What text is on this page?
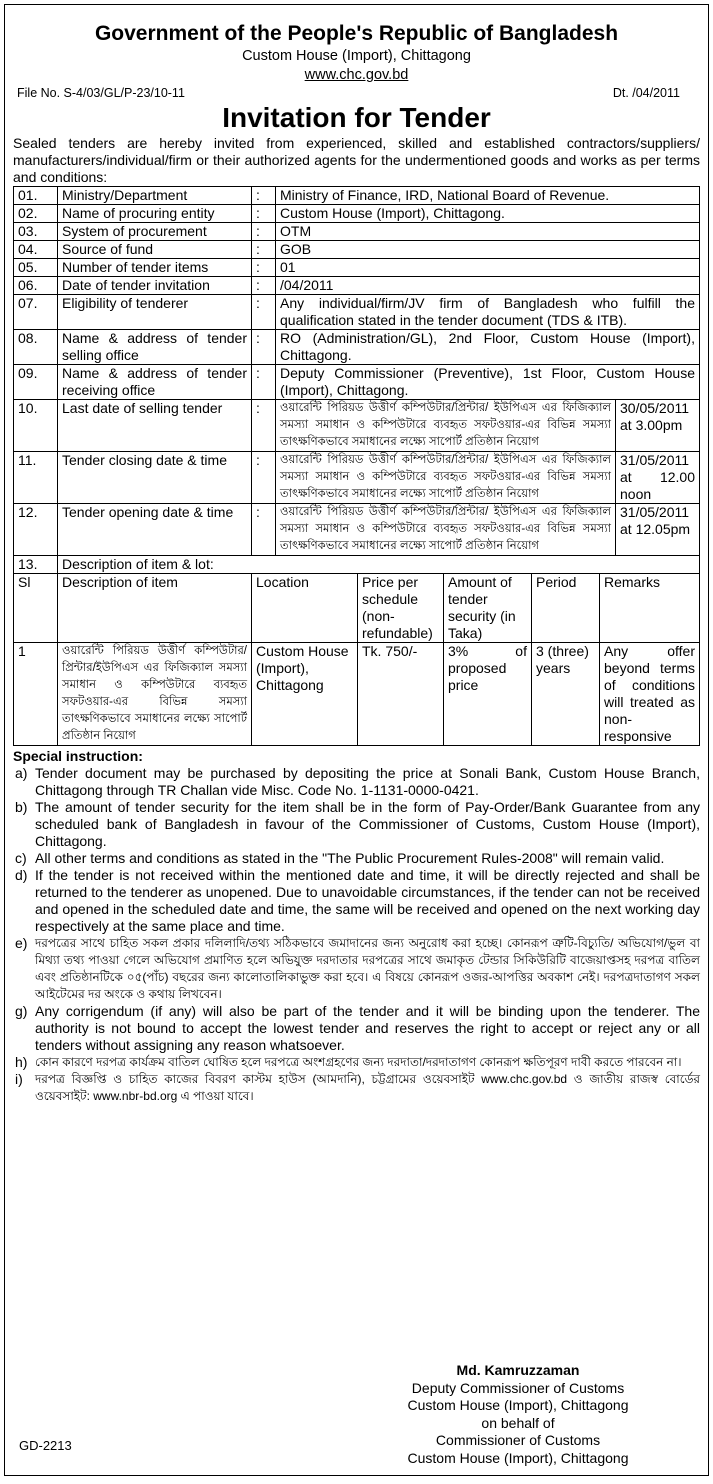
Government of the People's Republic of Bangladesh
Custom House (Import), Chittagong
www.chc.gov.bd
File No. S-4/03/GL/P-23/10-11	Dt. /04/2011
Invitation for Tender
Sealed tenders are hereby invited from experienced, skilled and established contractors/suppliers/ manufacturers/individual/firm or their authorized agents for the undermentioned goods and works as per terms and conditions:
01.	Ministry/Department	:	Ministry of Finance, IRD, National Board of Revenue.
02.	Name of procuring entity	:	Custom House (Import), Chittagong.
03.	System of procurement	:	OTM
04.	Source of fund	:	GOB
05.	Number of tender items	:	01
06.	Date of tender invitation	:	/04/2011
07.	Eligibility of tenderer	:	Any individual/firm/JV firm of Bangladesh who fulfill the qualification stated in the tender document (TDS & ITB).
08.	Name & address of tender selling office	:	RO (Administration/GL), 2nd Floor, Custom House (Import), Chittagong.
09.	Name & address of tender receiving office	:	Deputy Commissioner (Preventive), 1st Floor, Custom House (Import), Chittagong.
10.	Last date of selling tender	:	ওয়ারেন্টি পিরিয়ড উত্তীর্ণ কম্পিউটার/প্রিন্টার/ ইউপিএস এর ফিজিক্যাল সমস্যা সমাধান ও কম্পিউটারে ব্যবহৃত সফটওয়ার-এর বিভিন্ন সমস্যা তাৎক্ষণিকভাবে সমাধানের লক্ষ্যে সাপোর্ট প্রতিষ্ঠান নিয়োগ	30/05/2011 at 3.00pm
11.	Tender closing date & time	:	ওয়ারেন্টি পিরিয়ড উত্তীর্ণ কম্পিউটার/প্রিন্টার/ ইউপিএস এর ফিজিক্যাল সমস্যা সমাধান ও কম্পিউটারে ব্যবহৃত সফটওয়ার-এর বিভিন্ন সমস্যা তাৎক্ষণিকভাবে সমাধানের লক্ষ্যে সাপোর্ট প্রতিষ্ঠান নিয়োগ	31/05/2011 at 12.00 noon
12.	Tender opening date & time	:	ওয়ারেন্টি পিরিয়ড উত্তীর্ণ কম্পিউটার/প্রিন্টার/ ইউপিএস এর ফিজিক্যাল সমস্যা সমাধান ও কম্পিউটারে ব্যবহৃত সফটওয়ার-এর বিভিন্ন সমস্যা তাৎক্ষণিকভাবে সমাধানের লক্ষ্যে সাপোর্ট প্রতিষ্ঠান নিয়োগ	31/05/2011 at 12.05pm
13.	Description of item & lot:
Sl	Description of item	Location	Price per schedule (non-refundable)	Amount of tender security (in Taka)	Period	Remarks
1	ওয়ারেন্টি পিরিয়ড উত্তীর্ণ কম্পিউটার/প্রিন্টার/ইউপিএস এর ফিজিক্যাল সমস্যা সমাধান ও কম্পিউটারে ব্যবহৃত সফটওয়ার-এর বিভিন্ন সমস্যা তাৎক্ষণিকভাবে সমাধানের লক্ষ্যে সাপোর্ট প্রতিষ্ঠান নিয়োগ	Custom House (Import), Chittagong	Tk. 750/-	3% of proposed price	3 (three) years	Any offer beyond terms of conditions will treated as non-responsive
Special instruction:
a) Tender document may be purchased by depositing the price at Sonali Bank, Custom House Branch, Chittagong through TR Challan vide Misc. Code No. 1-1131-0000-0421.
b) The amount of tender security for the item shall be in the form of Pay-Order/Bank Guarantee from any scheduled bank of Bangladesh in favour of the Commissioner of Customs, Custom House (Import), Chittagong.
c) All other terms and conditions as stated in the "The Public Procurement Rules-2008" will remain valid.
d) If the tender is not received within the mentioned date and time, it will be directly rejected and shall be returned to the tenderer as unopened. Due to unavoidable circumstances, if the tender can not be received and opened in the scheduled date and time, the same will be received and opened on the next working day respectively at the same place and time.
e) দরপত্রের সাথে চাহিত সকল প্রকার দলিলাদি/তথ্য সঠিকভাবে জমাদানের জন্য অনুরোধ করা হচ্ছে। কোনরূপ ত্রুটি-বিচ্যুতি/ অভিযোগ/ভুল বা মিথ্যা তথ্য পাওয়া গেলে অভিযোগ প্রমাণিত হলে অভিযুক্ত দরদাতার দরপত্রের সাথে জমাকৃত টেন্ডার সিকিউরিটি বাজেয়াপ্তসহ দরপত্র বাতিল এবং প্রতিষ্ঠানটিকে ০৫(পাঁচ) বছরের জন্য কালোতালিকাভুক্ত করা হবে। এ বিষয়ে কোনরূপ ওজর-আপত্তির অবকাশ নেই। দরপত্রদাতাগণ সকল আইটেমের দর অংকে ও কথায় লিখবেন।
g) Any corrigendum (if any) will also be part of the tender and it will be binding upon the tenderer. The authority is not bound to accept the lowest tender and reserves the right to accept or reject any or all tenders without assigning any reason whatsoever.
h) কোন কারণে দরপত্র কার্যক্রম বাতিল ঘোষিত হলে দরপত্রে অংশগ্রহণের জন্য দরদাতা/দরদাতাগণ কোনরূপ ক্ষতিপূরণ দাবী করতে পারবেন না।
i)	দরপত্র বিজ্ঞপ্তি ও চাহিত কাজের বিবরণ কাস্টম হাউস (আমদানি), চট্টগ্রামের ওয়েবসাইট www.chc.gov.bd ও জাতীয় রাজস্ব বোর্ডের ওয়েবসাইট: www.nbr-bd.org এ পাওয়া যাবে।
GD-2213
Md. Kamruzzaman
Deputy Commissioner of Customs
Custom House (Import), Chittagong
on behalf of
Commissioner of Customs
Custom House (Import), Chittagong
